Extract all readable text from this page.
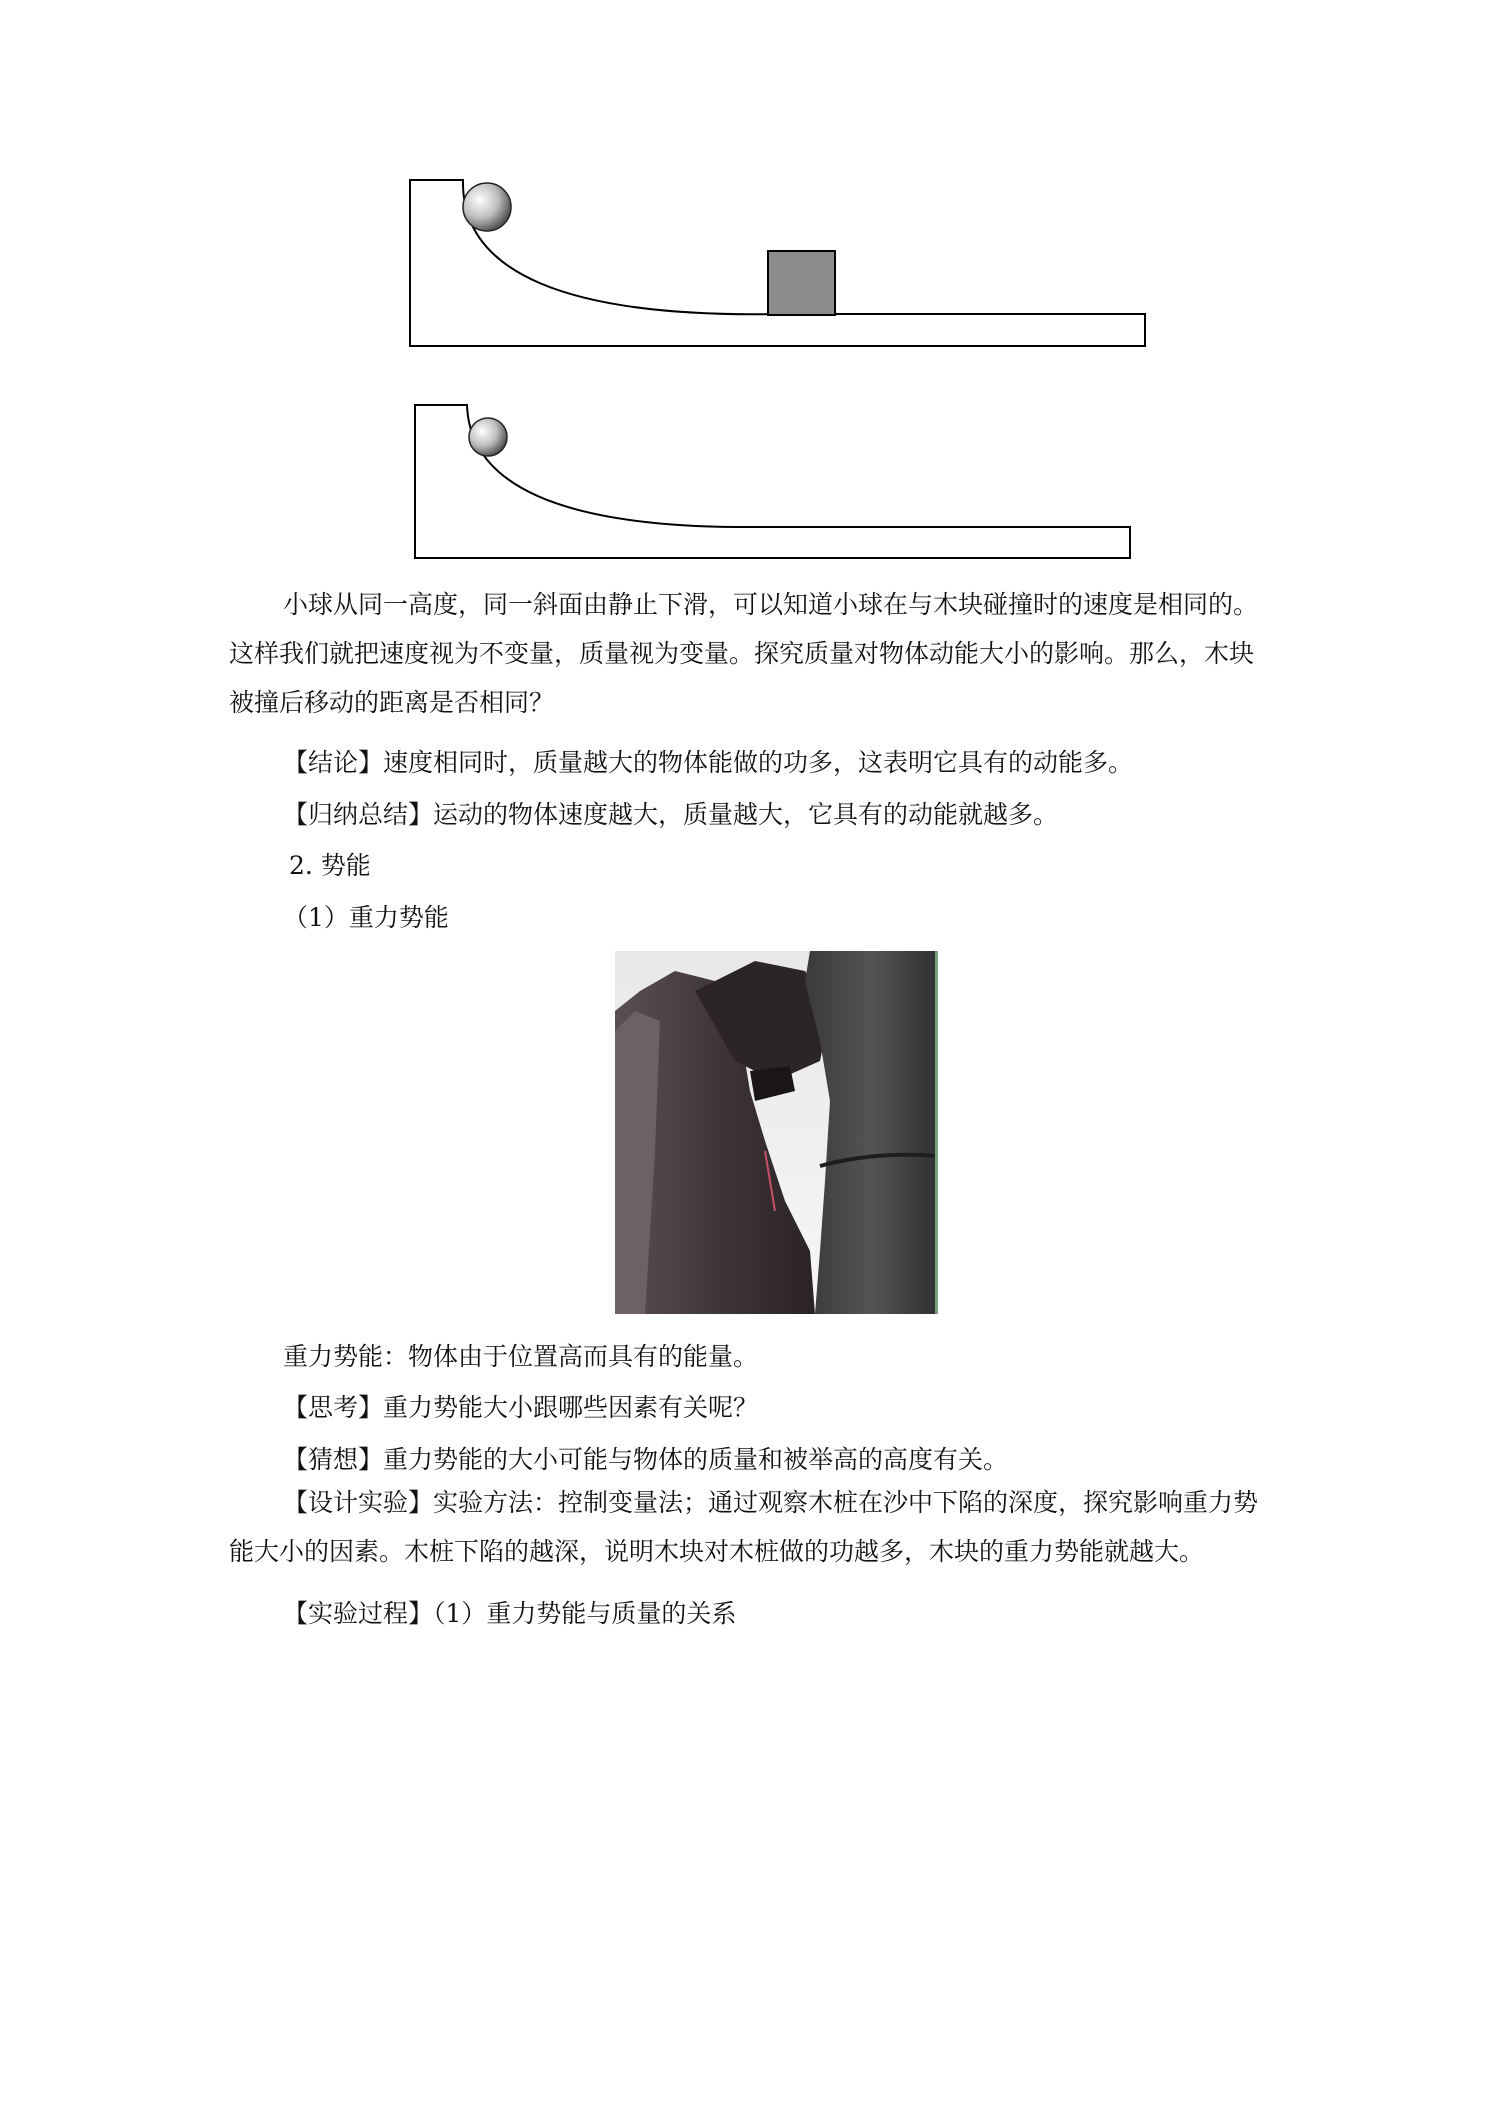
小球从同一高度，同一斜面由静止下滑，可以知道小球在与木块碰撞时的速度是相同的。这样我们就把速度视为不变量，质量视为变量。探究质量对物体动能大小的影响。那么，木块被撞后移动的距离是否相同？

【结论】速度相同时，质量越大的物体能做的功多，这表明它具有的动能多。
【归纳总结】运动的物体速度越大，质量越大，它具有的动能就越多。
2. 势能
（1）重力势能
重力势能：物体由于位置高而具有的能量。
【思考】重力势能大小跟哪些因素有关呢？
【猜想】重力势能的大小可能与物体的质量和被举高的高度有关。

【设计实验】实验方法：控制变量法；通过观察木桩在沙中下陷的深度，探究影响重力势能大小的因素。木桩下陷的越深，说明木块对木桩做的功越多，木块的重力势能就越大。

【实验过程】（1）重力势能与质量的关系
